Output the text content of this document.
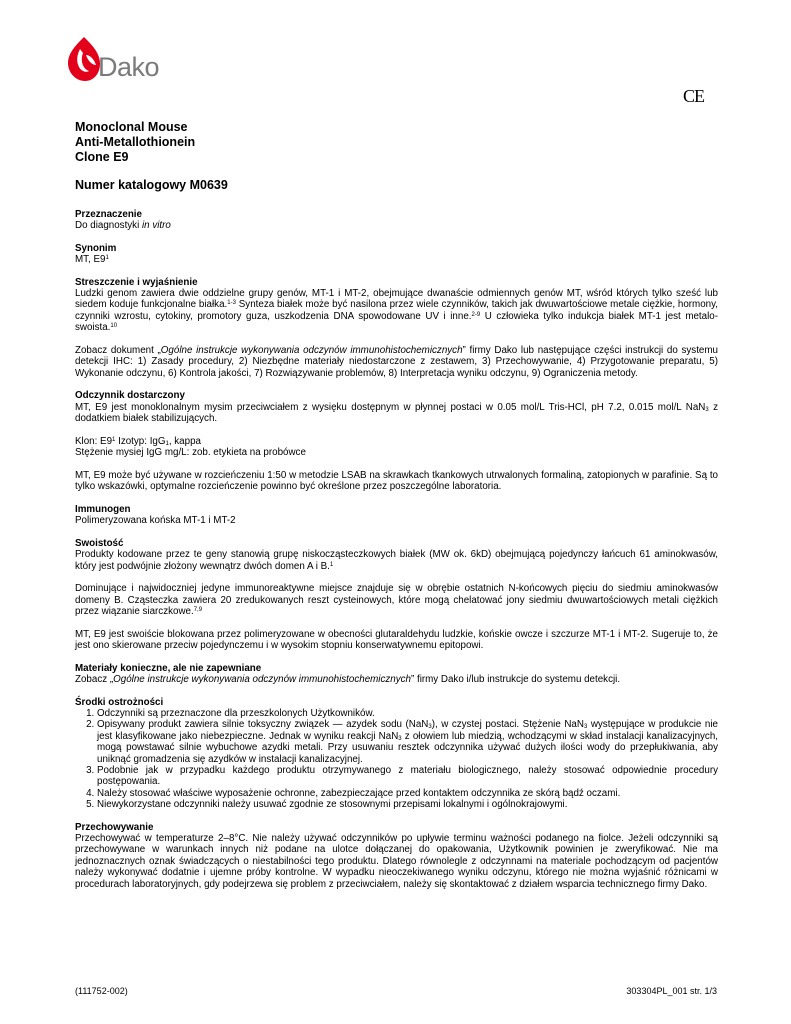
Dako
CE
Monoclonal Mouse
Anti-Metallothionein
Clone E9
Numer katalogowy M0639
Przeznaczenie

Do diagnostyki in vitro

Synonim

MT, $E9^1$

Streszczenie i wyjaśnienie

Ludzki genom zawiera dwie oddzielne grupy genów, MT-1 i MT-2, obejmujące dwanaście odmiennych genów MT, wśród których tylko sześć lub siedem koduje funkcjonalne białka.$^{1-3}$ Synteza białek może być nasilona przez wiele czynników, takich jak dwuwartościowe metale ciężkie, hormony, czynniki wzrostu, cytokiny, promotory guza, uszkodzenia DNA spowodowane UV i inne.$^{2-9}$ U człowieka tylko indukcja białek MT-1 jest metalo-swoista.$^{10}$

Zobacz dokument „Ogólne instrukcje wykonywania odczynów immunohistochemicznych” firmy Dako lub następujące części instrukcji do systemu detekcji IHC: 1) Zasady procedury, 2) Niezbędne materiały niedostarczone z zestawem, 3) Przechowywanie, 4) Przygotowanie preparatu, 5) Wykonanie odczynu, 6) Kontrola jakości, 7) Rozwiązywanie problemów, 8) Interpretacja wyniku odczynu, 9) Ograniczenia metody.

Odczynnik dostarczony

MT, E9 jest monoklonalnym mysim przeciwciałem z wysięku dostępnym w płynnej postaci w 0.05 mol/L Tris-HCl, pH 7.2, 0.015 mol/L NaN$_3$ z dodatkiem białek stabilizujących.

Klon: $E9^1$ Izotyp: IgG$_1$, kappa

Stężenie mysiej IgG mg/L: zob. etykieta na probówce

MT, E9 może być używane w rozcieńczeniu 1:50 w metodzie LSAB na skrawkach tkankowych utrwalonych formaliną, zatopionych w parafinie. Są to tylko wskazówki, optymalne rozcieńczenie powinno być określone przez poszczególne laboratoria.

Immunogen

Polimeryzowana końska MT-1 i MT-2

Swoistość

Produkty kodowane przez te geny stanowią grupę niskocząsteczkowych białek (MW ok. 6kD) obejmującą pojedynczy łańcuch 61 aminokwasów, który jest podwójnie złożony wewnątrz dwóch domen A i B.$^1$

Dominujące i najwidoczniej jedyne immunoreaktywne miejsce znajduje się w obrębie ostatnich N-końcowych pięciu do siedmiu aminokwasów domeny B. Cząsteczka zawiera 20 zredukowanych reszt cysteinowych, które mogą chelatować jony siedmiu dwuwartościowych metali ciężkich przez wiązanie siarczkowe.$^{7,9}$

MT, E9 jest swoiście blokowana przez polimeryzowane w obecności glutaraldehydu ludzkie, końskie owcze i szczurze MT-1 i MT-2. Sugeruje to, że jest ono skierowane przeciw pojedynczemu i w wysokim stopniu konserwatywnemu epitopowi.

Materiały konieczne, ale nie zapewniane

Zobacz „Ogólne instrukcje wykonywania odczynów immunohistochemicznych” firmy Dako i/lub instrukcje do systemu detekcji.

Środki ostrożności
1. Odczynniki są przeznaczone dla przeszkolonych Użytkowników.
2. Opisywany produkt zawiera silnie toksyczny związek — azydek sodu (NaN$_3$), w czystej postaci. Stężenie NaN$_3$ występujące w produkcie nie jest klasyfikowane jako niebezpieczne. Jednak w wyniku reakcji NaN$_3$ z ołowiem lub miedzią, wchodzącymi w skład instalacji kanalizacyjnych, mogą powstawać silnie wybuchowe azydki metali. Przy usuwaniu resztek odczynnika używać dużych ilości wody do przepłukiwania, aby uniknąć gromadzenia się azydków w instalacji kanalizacyjnej.
3. Podobnie jak w przypadku każdego produktu otrzymywanego z materiału biologicznego, należy stosować odpowiednie procedury postępowania.
4. Należy stosować właściwe wyposażenie ochronne, zabezpieczające przed kontaktem odczynnika ze skórą bądź oczami.
5. Niewykorzystane odczynniki należy usuwać zgodnie ze stosownymi przepisami lokalnymi i ogólnokrajowymi.
Przechowywanie

Przechowywać w temperaturze 2–8°C. Nie należy używać odczynników po upływie terminu ważności podanego na fiolce. Jeżeli odczynniki są przechowywane w warunkach innych niż podane na ulotce dołączanej do opakowania, Użytkownik powinien je zweryfikować. Nie ma jednoznacznych oznak świadczących o niestabilności tego produktu. Dlatego równolegle z odczynnami na materiale pochodzącym od pacjentów należy wykonywać dodatnie i ujemne próby kontrolne. W wypadku nieoczekiwanego wyniku odczynu, którego nie można wyjaśnić różnicami w procedurach laboratoryjnych, gdy podejrzewa się problem z przeciwciałem, należy się skontaktować z działem wsparcia technicznego firmy Dako.

(111752-002)	303304PL_001 str. 1/3
